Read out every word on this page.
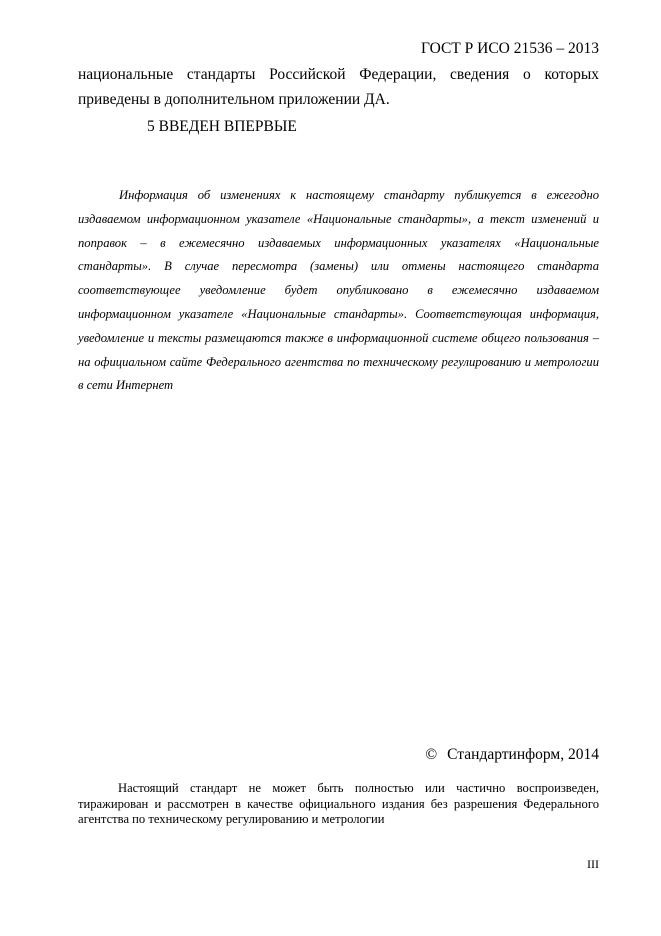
ГОСТ Р ИСО 21536 – 2013
национальные стандарты Российской Федерации, сведения о которых
приведены в дополнительном приложении ДА.
5 ВВЕДЕН ВПЕРВЫЕ
Информация об изменениях к настоящему стандарту публикуется в ежегодно издаваемом информационном указателе «Национальные стандарты», а текст изменений и поправок – в ежемесячно издаваемых информационных указателях «Национальные стандарты». В случае пересмотра (замены) или отмены настоящего стандарта соответствующее уведомление будет опубликовано в ежемесячно издаваемом информационном указателе «Национальные стандарты». Соответствующая информация, уведомление и тексты размещаются также в информационной системе общего пользования – на официальном сайте Федерального агентства по техническому регулированию и метрологии в сети Интернет
© Стандартинформ, 2014
Настоящий стандарт не может быть полностью или частично воспроизведен, тиражирован и рассмотрен в качестве официального издания без разрешения Федерального агентства по техническому регулированию и метрологии
III
